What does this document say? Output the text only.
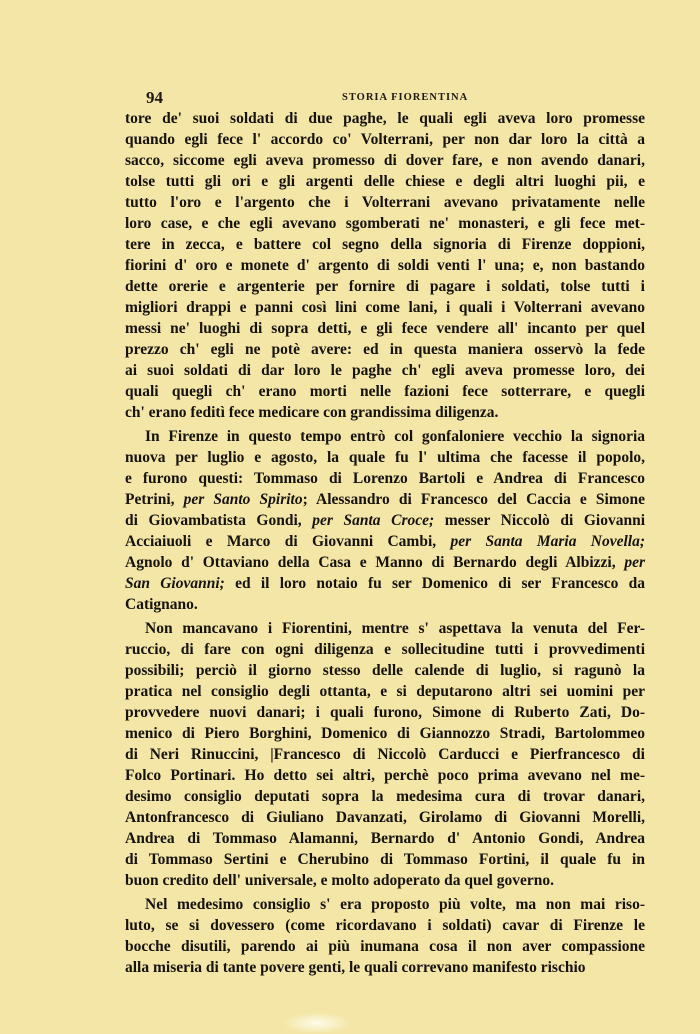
94	STORIA FIORENTINA

tore de' suoi soldati di due paghe, le quali egli aveva loro promesse
quando egli fece l' accordo co' Volterrani, per non dar loro la città a
sacco, siccome egli aveva promesso di dover fare, e non avendo danari,
tolse tutti gli ori e gli argenti delle chiese e degli altri luoghi pii, e
tutto l'oro e l'argento che i Volterrani avevano privatamente nelle
loro case, e che egli avevano sgomberati ne' monasteri, e gli fece met-
tere in zecca, e battere col segno della signoria di Firenze doppioni,
fiorini d' oro e monete d' argento di soldi venti l' una; e, non bastando
dette orerie e argenterie per fornire di pagare i soldati, tolse tutti i
migliori drappi e panni così lini come lani, i quali i Volterrani avevano
messi ne' luoghi di sopra detti, e gli fece vendere all' incanto per quel
prezzo ch' egli ne potè avere: ed in questa maniera osservò la fede
ai suoi soldati di dar loro le paghe ch' egli aveva promesse loro, dei
quali quegli ch' erano morti nelle fazioni fece sotterrare, e quegli
ch' erano feditì fece medicare con grandissima diligenza.

In Firenze in questo tempo entrò col gonfaloniere vecchio la signoria
nuova per luglio e agosto, la quale fu l' ultima che facesse il popolo,
e furono questi: Tommaso di Lorenzo Bartoli e Andrea di Francesco
Petrini, per Santo Spirito; Alessandro di Francesco del Caccia e Simone
di Giovambatista Gondi, per Santa Croce; messer Niccolò di Giovanni
Acciaiuoli e Marco di Giovanni Cambi, per Santa Maria Novella;
Agnolo d' Ottaviano della Casa e Manno di Bernardo degli Albizzi, per
San Giovanni; ed il loro notaio fu ser Domenico di ser Francesco da
Catignano.

Non mancavano i Fiorentini, mentre s' aspettava la venuta del Fer-
ruccio, di fare con ogni diligenza e sollecitudine tutti i provvedimenti
possibili; perciò il giorno stesso delle calende di luglio, si ragunò la
pratica nel consiglio degli ottanta, e si deputarono altri sei uomini per
provvedere nuovi danari; i quali furono, Simone di Ruberto Zati, Do-
menico di Piero Borghini, Domenico di Giannozzo Stradi, Bartolommeo
di Neri Rinuccini, |Francesco di Niccolò Carducci e Pierfrancesco di
Folco Portinari. Ho detto sei altri, perchè poco prima avevano nel me-
desimo consiglio deputati sopra la medesima cura di trovar danari,
Antonfrancesco di Giuliano Davanzati, Girolamo di Giovanni Morelli,
Andrea di Tommaso Alamanni, Bernardo d' Antonio Gondi, Andrea
di Tommaso Sertini e Cherubino di Tommaso Fortini, il quale fu in
buon credito dell' universale, e molto adoperato da quel governo.

Nel medesimo consiglio s' era proposto più volte, ma non mai riso-
luto, se si dovessero (come ricordavano i soldati) cavar di Firenze le
bocche disutili, parendo ai più inumana cosa il non aver compassione
alla miseria di tante povere genti, le quali correvano manifesto rischio
